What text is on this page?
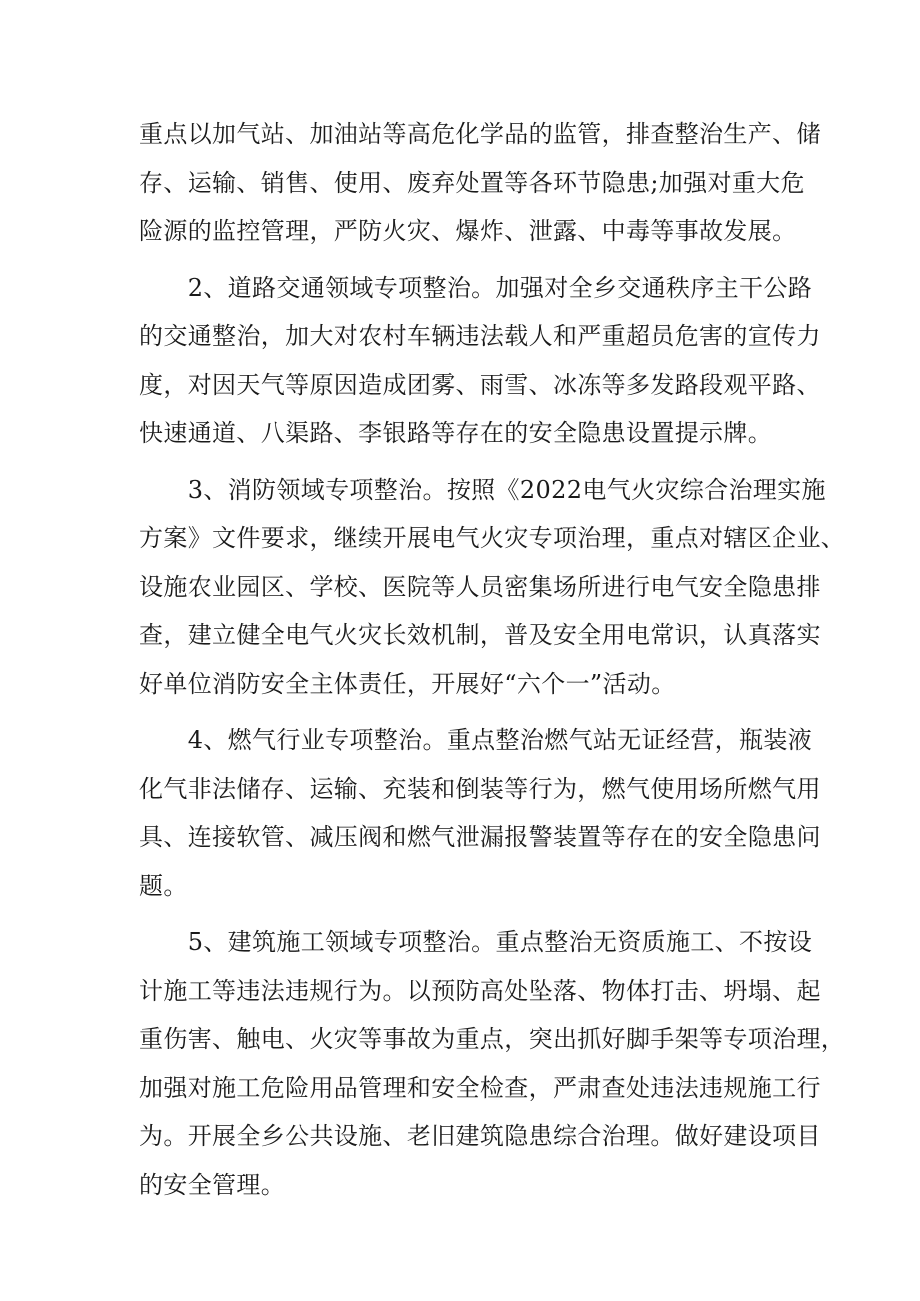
重点以加气站、加油站等高危化学品的监管，排查整治生产、储
存、运输、销售、使用、废弃处置等各环节隐患;加强对重大危
险源的监控管理，严防火灾、爆炸、泄露、中毒等事故发展。
　　2、道路交通领域专项整治。加强对全乡交通秩序主干公路
的交通整治，加大对农村车辆违法载人和严重超员危害的宣传力
度，对因天气等原因造成团雾、雨雪、冰冻等多发路段观平路、
快速通道、八渠路、李银路等存在的安全隐患设置提示牌。
　　3、消防领域专项整治。按照《2022电气火灾综合治理实施
方案》文件要求，继续开展电气火灾专项治理，重点对辖区企业、
设施农业园区、学校、医院等人员密集场所进行电气安全隐患排
查，建立健全电气火灾长效机制，普及安全用电常识，认真落实
好单位消防安全主体责任，开展好“六个一”活动。
　　4、燃气行业专项整治。重点整治燃气站无证经营，瓶装液
化气非法储存、运输、充装和倒装等行为，燃气使用场所燃气用
具、连接软管、减压阀和燃气泄漏报警装置等存在的安全隐患问
题。
　　5、建筑施工领域专项整治。重点整治无资质施工、不按设
计施工等违法违规行为。以预防高处坠落、物体打击、坍塌、起
重伤害、触电、火灾等事故为重点，突出抓好脚手架等专项治理，
加强对施工危险用品管理和安全检查，严肃查处违法违规施工行
为。开展全乡公共设施、老旧建筑隐患综合治理。做好建设项目
的安全管理。
